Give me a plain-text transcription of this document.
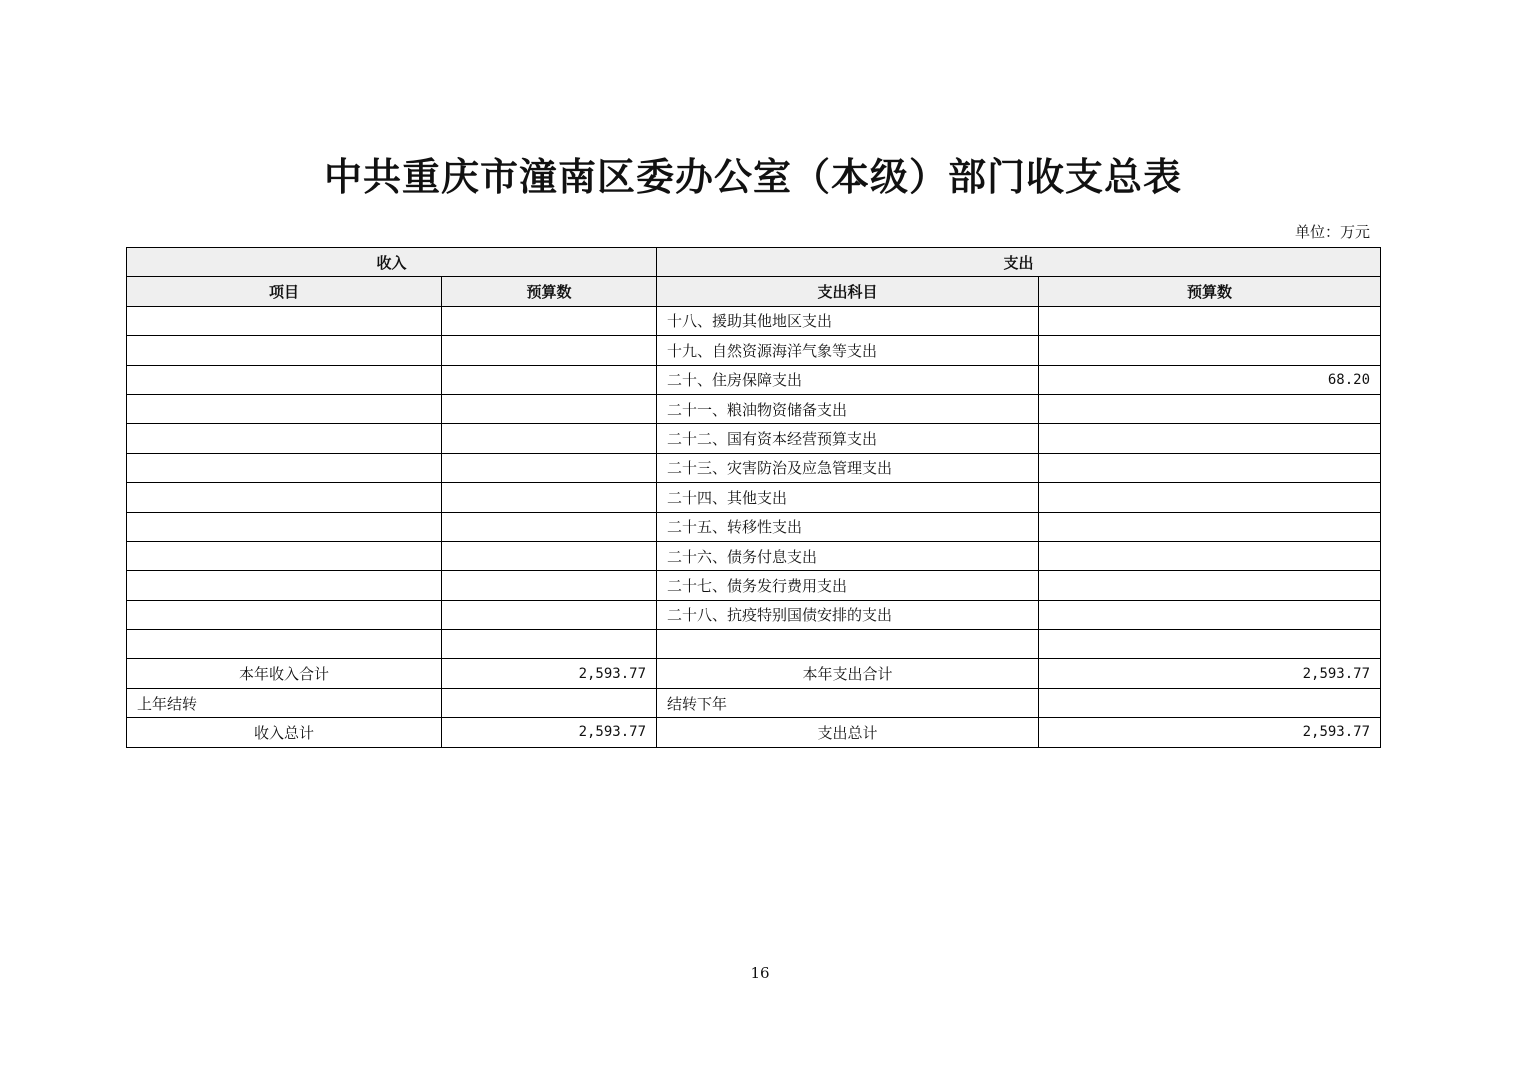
中共重庆市潼南区委办公室（本级）部门收支总表
单位：万元
收入		支出	
项目	预算数	支出科目	预算数
		十八、援助其他地区支出	
		十九、自然资源海洋气象等支出	
		二十、住房保障支出	68.20
		二十一、粮油物资储备支出	
		二十二、国有资本经营预算支出	
		二十三、灾害防治及应急管理支出	
		二十四、其他支出	
		二十五、转移性支出	
		二十六、债务付息支出	
		二十七、债务发行费用支出	
		二十八、抗疫特别国债安排的支出	

本年收入合计	2,593.77	本年支出合计	2,593.77
上年结转		结转下年	
收入总计	2,593.77	支出总计	2,593.77
16
